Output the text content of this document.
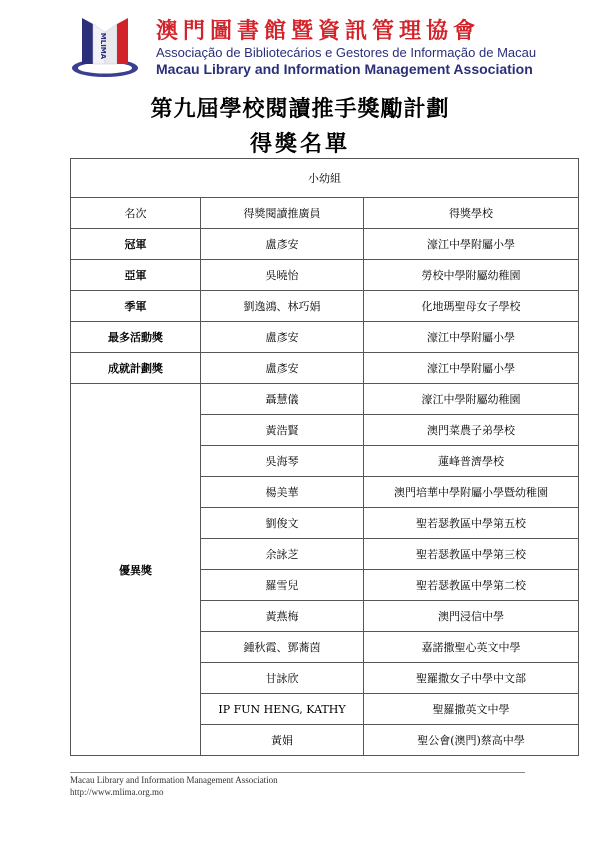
MLIMA
澳門圖書館暨資訊管理協會
Associação de Bibliotecários e Gestores de Informação de Macau
Macau Library and Information Management Association
第九屆學校閱讀推手獎勵計劃
得獎名單
小幼組		
名次	得獎閱讀推廣員	得獎學校
冠軍	盧彥安	濠江中學附屬小學
亞軍	吳曉怡	勞校中學附屬幼稚園
季軍	劉逸鴻、林巧娟	化地瑪聖母女子學校
最多活動獎	盧彥安	濠江中學附屬小學
成就計劃獎	盧彥安	濠江中學附屬小學
優異獎	聶慧儀	濠江中學附屬幼稚園
	黃浩賢	澳門菜農子弟學校
	吳海琴	蓮峰普濟學校
	楊美華	澳門培華中學附屬小學暨幼稚園
	劉俊文	聖若瑟教區中學第五校
	余詠芝	聖若瑟教區中學第三校
	羅雪兒	聖若瑟教區中學第二校
	黃燕梅	澳門浸信中學
	鍾秋霞、鄧蕎茵	嘉諾撒聖心英文中學
	甘詠欣	聖羅撒女子中學中文部
	IP FUN HENG, KATHY	聖羅撒英文中學
	黃娟	聖公會(澳門)蔡高中學
Macau Library and Information Management Association
http://www.mlima.org.mo
